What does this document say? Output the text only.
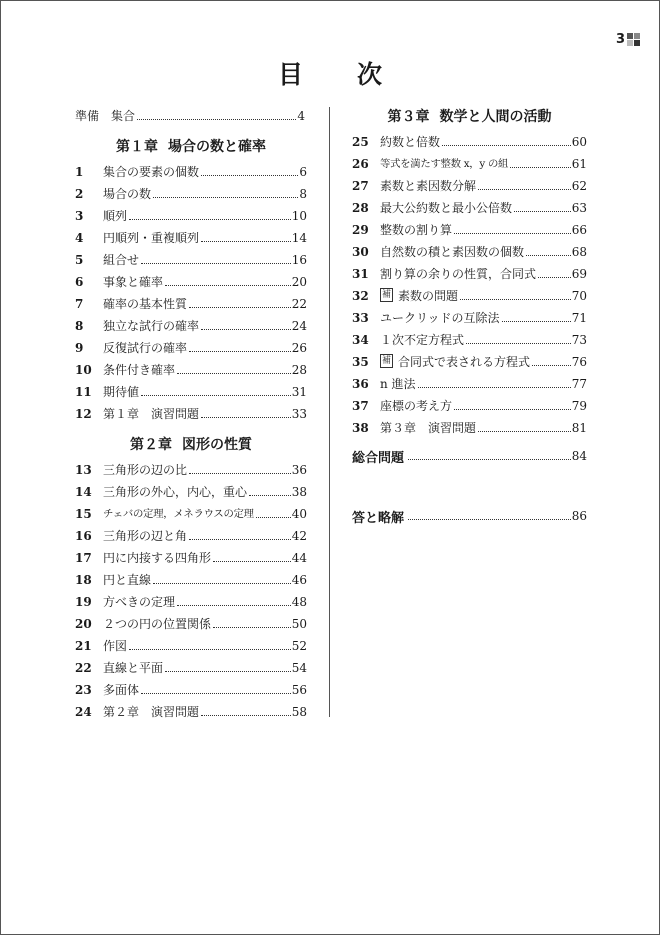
3
目 次
準備　集合	4
第１章 場合の数と確率
1	集合の要素の個数	6
2	場合の数	8
3	順列	10
4	円順列・重複順列	14
5	組合せ	16
6	事象と確率	20
7	確率の基本性質	22
8	独立な試行の確率	24
9	反復試行の確率	26
10 条件付き確率	28
11 期待値	31
12 第１章　演習問題	33
第２章 図形の性質
13 三角形の辺の比	36
14 三角形の外心，内心，重心	38
15	チェバの定理，メネラウスの定理	40
16 三角形の辺と角	42
17 円に内接する四角形	44
18 円と直線	46
19 方べきの定理	48
20 ２つの円の位置関係	50
21 作図	52
22 直線と平面	54
23 多面体	56
24 第２章　演習問題	58
第３章 数学と人間の活動
25 約数と倍数	60
26	等式を満たす整数 x，y の組	61
27 素数と素因数分解	62
28 最大公約数と最小公倍数	63
29 整数の割り算	66
30 自然数の積と素因数の個数	68
31 割り算の余りの性質，合同式	69
32	補 素数の問題	70
33 ユークリッドの互除法	71
34 １次不定方程式	73
35	補 合同式で表される方程式	76
36 n 進法	77
37 座標の考え方	79
38 第３章　演習問題	81
総合問題	84
答と略解	86
